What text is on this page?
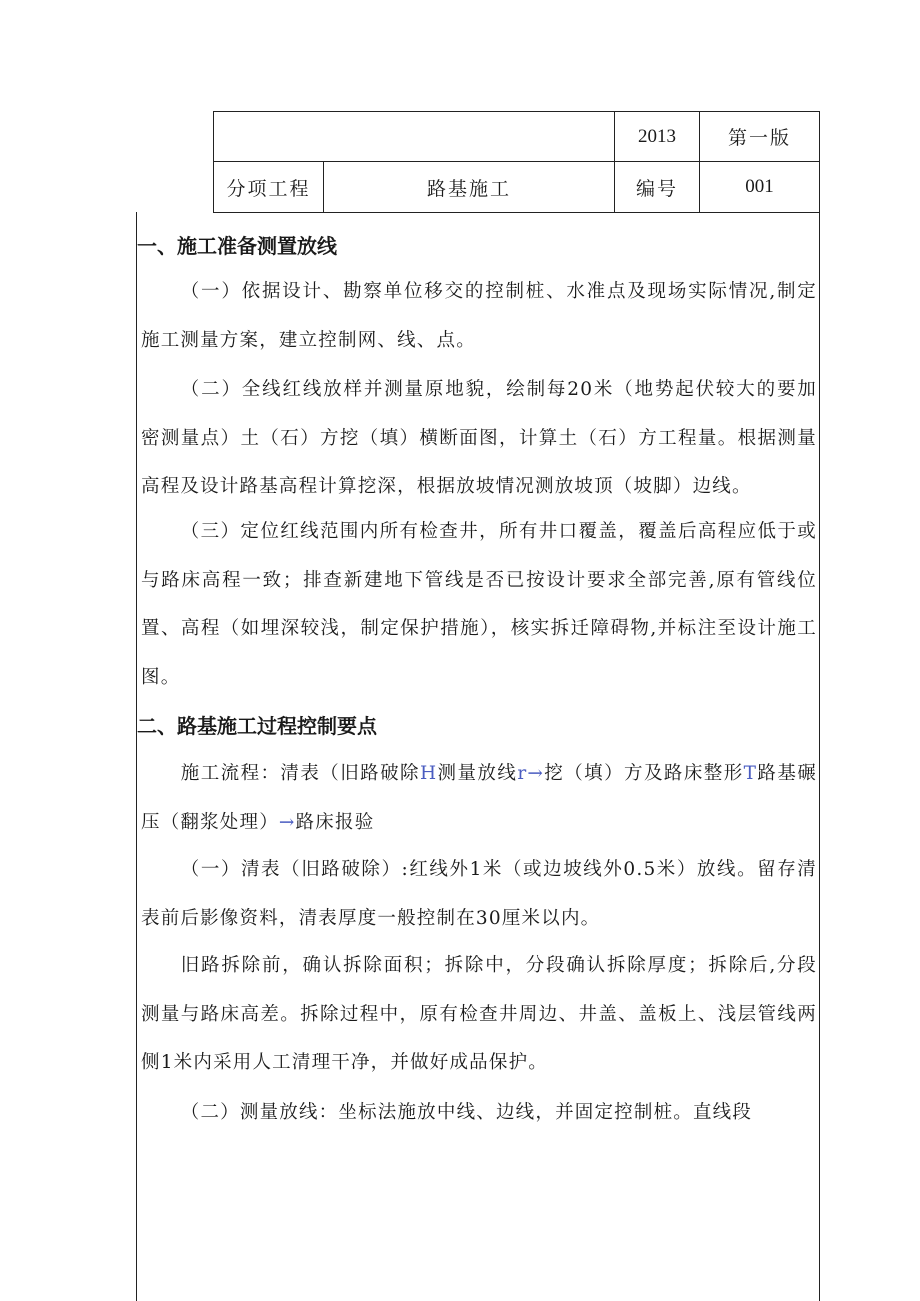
		2013	第一版
分项工程	路基施工	编号	001
一、施工准备测置放线
（一）依据设计、勘察单位移交的控制桩、水准点及现场实际情况,制定施工测量方案，建立控制网、线、点。
（二）全线红线放样并测量原地貌，绘制每20米（地势起伏较大的要加密测量点）土（石）方挖（填）横断面图，计算土（石）方工程量。根据测量高程及设计路基高程计算挖深，根据放坡情况测放坡顶（坡脚）边线。
（三）定位红线范围内所有检查井，所有井口覆盖，覆盖后高程应低于或与路床高程一致；排查新建地下管线是否已按设计要求全部完善,原有管线位置、高程（如埋深较浅，制定保护措施），核实拆迁障碍物,并标注至设计施工图。
二、路基施工过程控制要点
施工流程：清表（旧路破除H测量放线r→挖（填）方及路床整形T路基碾压（翻浆处理）→路床报验
（一）清表（旧路破除）:红线外1米（或边坡线外0.5米）放线。留存清表前后影像资料，清表厚度一般控制在30厘米以内。
旧路拆除前，确认拆除面积；拆除中，分段确认拆除厚度；拆除后,分段测量与路床高差。拆除过程中，原有检查井周边、井盖、盖板上、浅层管线两侧1米内采用人工清理干净，并做好成品保护。
（二）测量放线：坐标法施放中线、边线，并固定控制桩。直线段
